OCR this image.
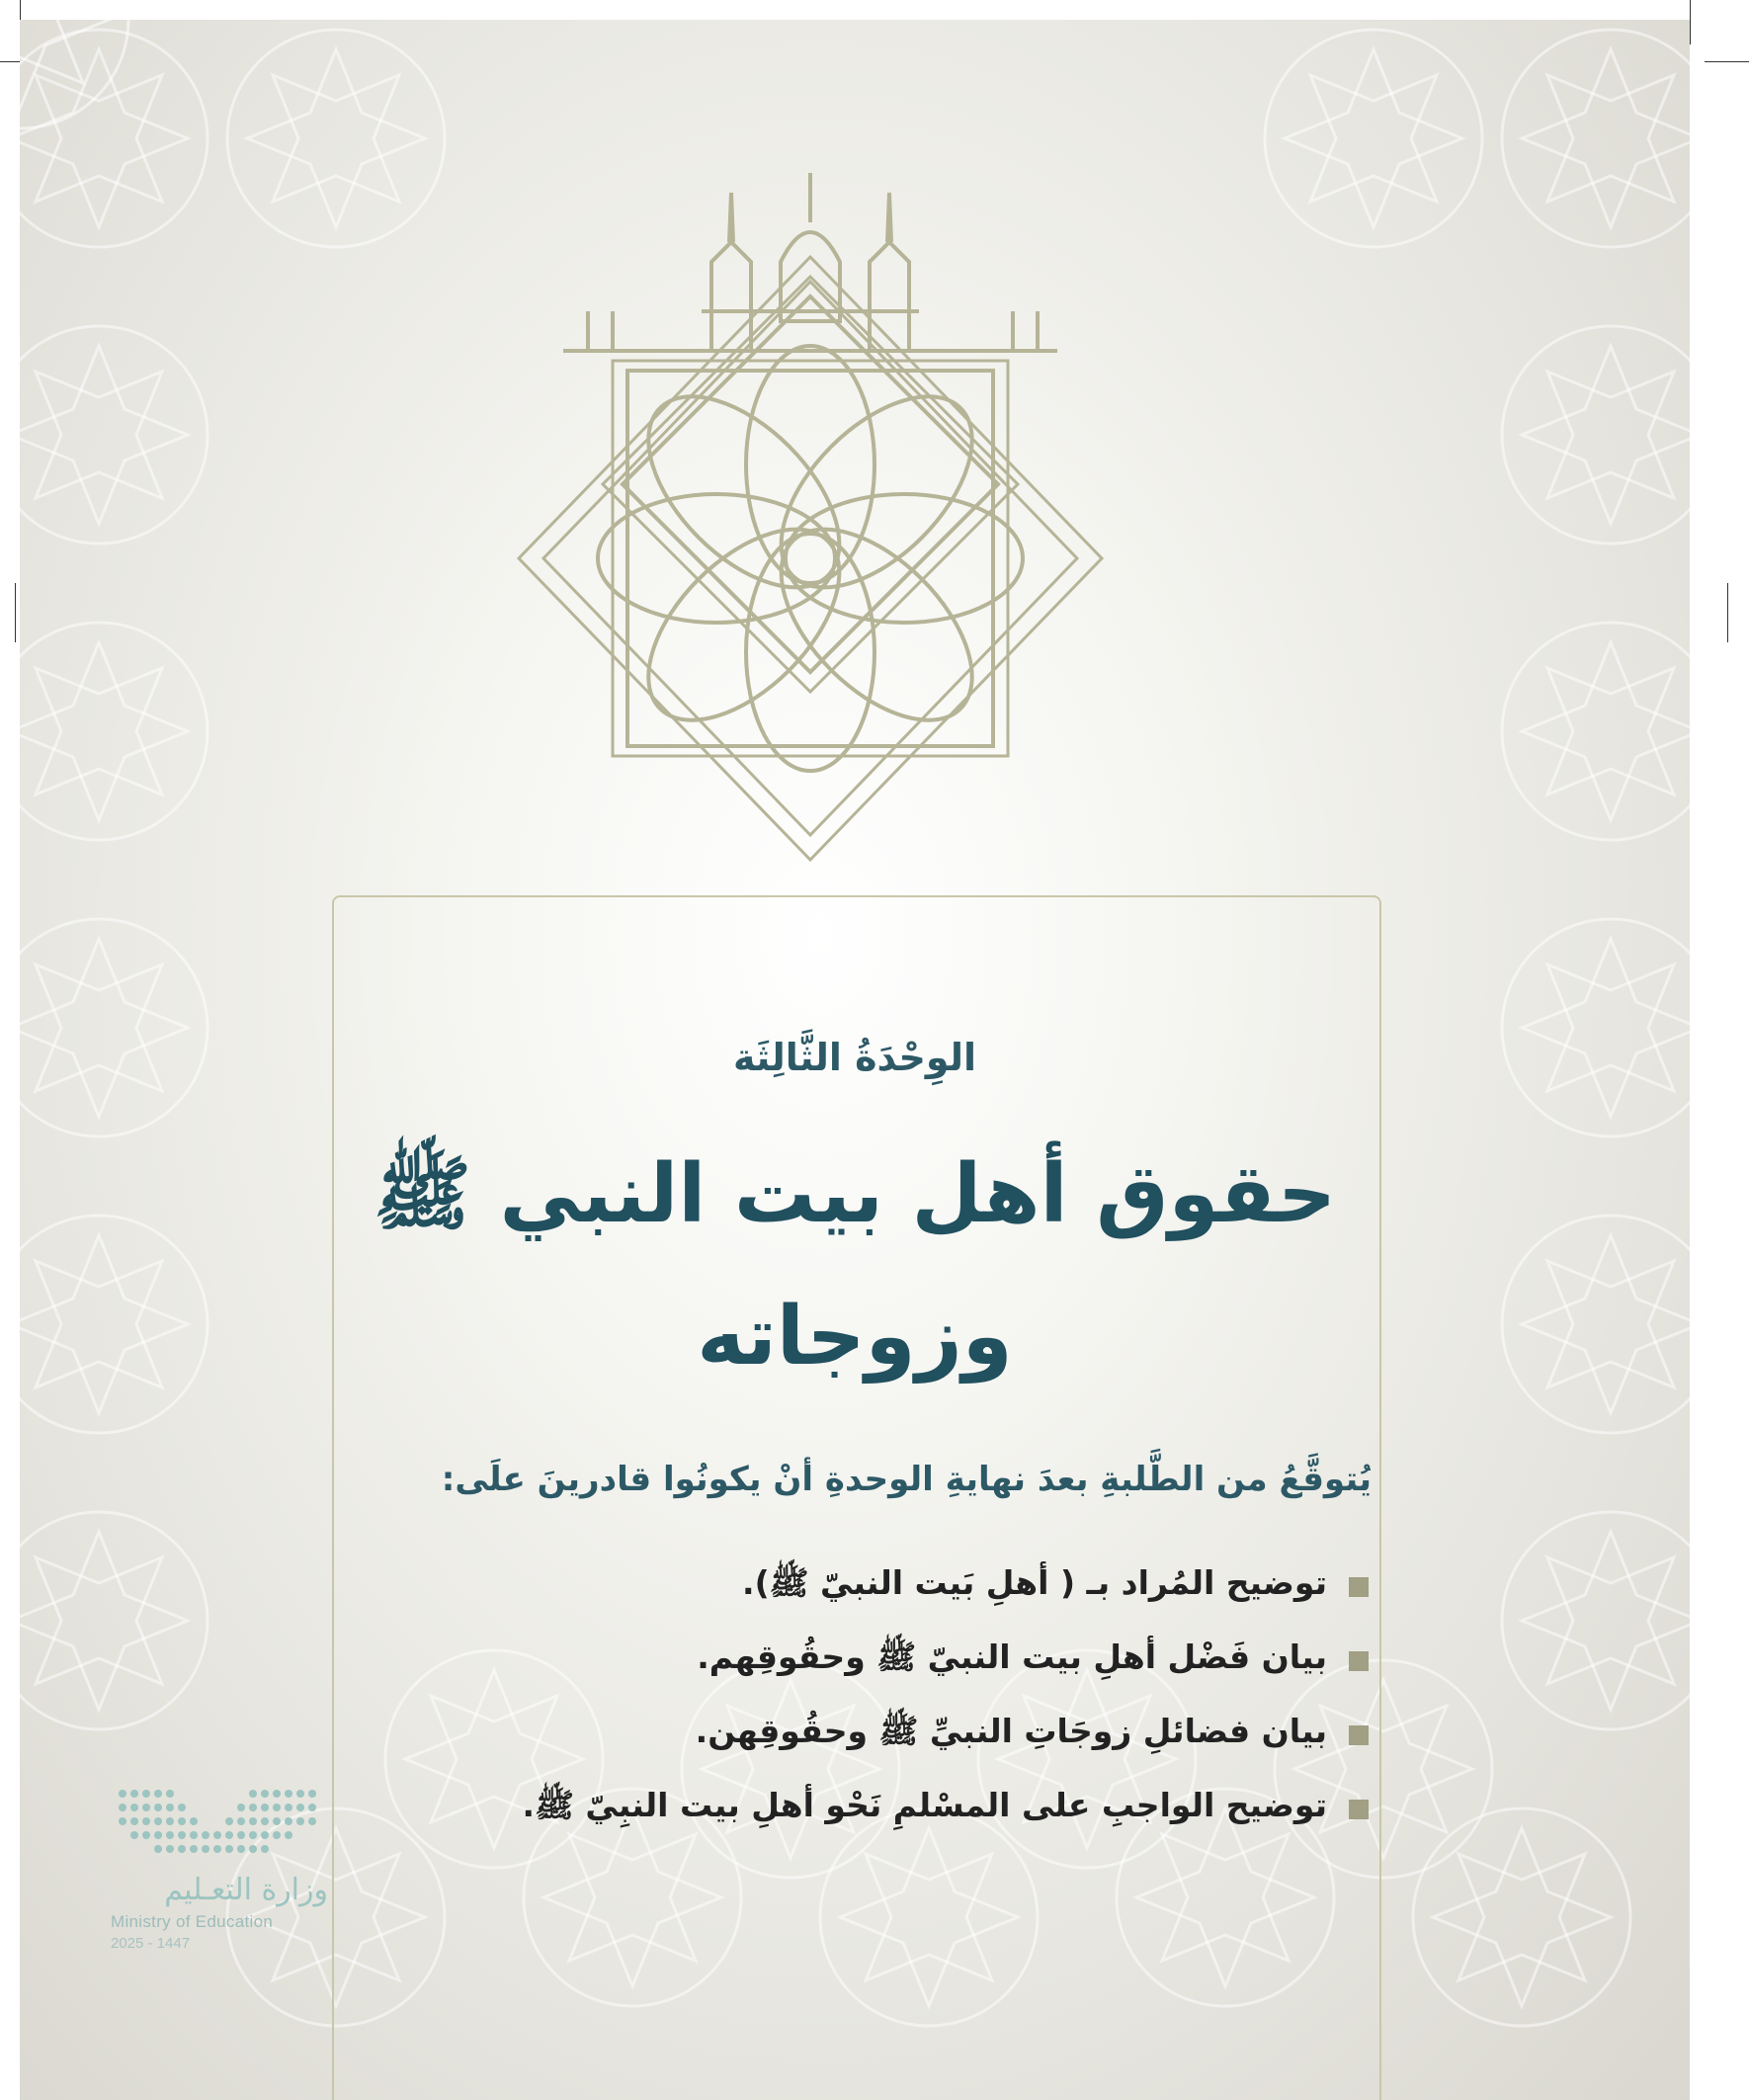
الوِحْدَةُ الثَّالِثَة
حقوق أهل بيت النبي ﷺ
وزوجاته
يُتوقَّعُ من الطَّلبةِ بعدَ نهايةِ الوحدةِ أنْ يكونُوا قادرينَ علَى:
توضيح المُراد بـ ( أهلِ بَيت النبيّ ﷺ).
بيان فَضْل أهلِ بيت النبيّ ﷺ وحقُوقِهم.
بيان فضائلِ زوجَاتِ النبيِّ ﷺ وحقُوقِهن.
توضيح الواجبِ على المسْلمِ نَحْو أهلِ بيت النبِيّ ﷺ.
وزارة التعـليم
Ministry of Education
2025 - 1447
